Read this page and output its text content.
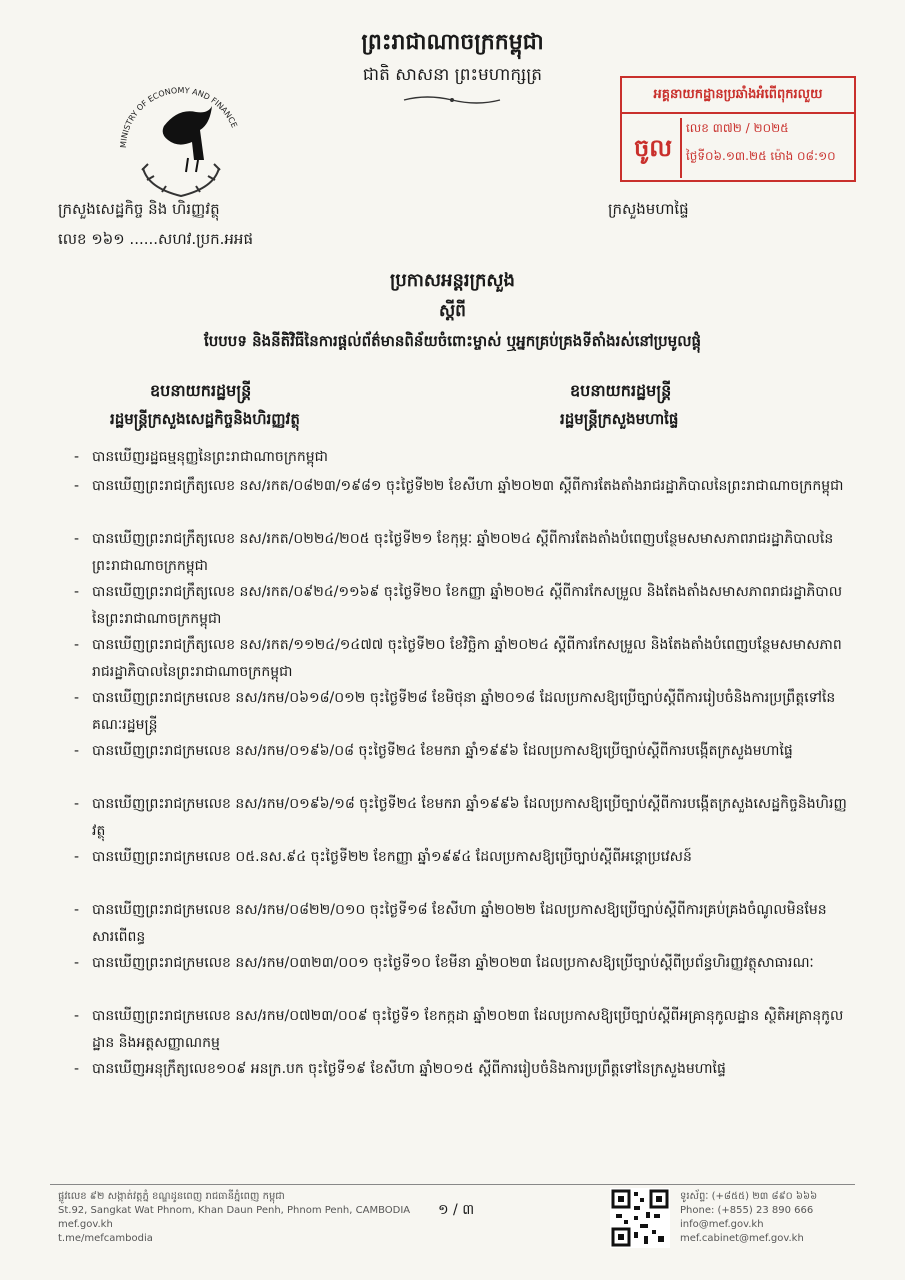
ព្រះរាជាណាចក្រកម្ពុជា
ជាតិ សាសនា ព្រះមហាក្សត្រ
MINISTRY OF ECONOMY AND FINANCE
ក្រសួងសេដ្ឋកិច្ច និង ហិរញ្ញវត្ថុ
លេខ ១៦១ ......សហវ.ប្រក.អអផ
ក្រសួងមហាផ្ទៃ
អគ្គនាយកដ្ឋានប្រឆាំងអំពើពុករលួយ
ចូល
លេខ ៣៧២ / ២០២៥
ថ្ងៃទី០៦.១៣.២៥ ម៉ោង ០៨:១០
ប្រកាសអន្តរក្រសួង
ស្តីពី
បែបបទ និងនីតិវិធីនៃការផ្តល់ព័ត៌មានពិន័យចំពោះម្ចាស់ ឬអ្នកគ្រប់គ្រងទីតាំងរស់នៅប្រមូលផ្តុំ
ឧបនាយករដ្ឋមន្ត្រី
រដ្ឋមន្ត្រីក្រសួងសេដ្ឋកិច្ចនិងហិរញ្ញវត្ថុ
ឧបនាយករដ្ឋមន្ត្រី
រដ្ឋមន្ត្រីក្រសួងមហាផ្ទៃ
- បានឃើញរដ្ឋធម្មនុញ្ញនៃព្រះរាជាណាចក្រកម្ពុជា
- បានឃើញព្រះរាជក្រឹត្យលេខ នស/រកត/០៨២៣/១៩៨១ ចុះថ្ងៃទី២២ ខែសីហា ឆ្នាំ២០២៣ ស្តីពីការតែងតាំងរាជរដ្ឋាភិបាលនៃព្រះរាជាណាចក្រកម្ពុជា
- បានឃើញព្រះរាជក្រឹត្យលេខ នស/រកត/០២២៤/២០៥ ចុះថ្ងៃទី២១ ខែកុម្ភៈ ឆ្នាំ២០២៤ ស្តីពីការតែងតាំងបំពេញបន្ថែមសមាសភាពរាជរដ្ឋាភិបាលនៃព្រះរាជាណាចក្រកម្ពុជា
- បានឃើញព្រះរាជក្រឹត្យលេខ នស/រកត/០៩២៤/១១៦៩ ចុះថ្ងៃទី២០ ខែកញ្ញា ឆ្នាំ២០២៤ ស្តីពីការកែសម្រួល និងតែងតាំងសមាសភាពរាជរដ្ឋាភិបាលនៃព្រះរាជាណាចក្រកម្ពុជា
- បានឃើញព្រះរាជក្រឹត្យលេខ នស/រកត/១១២៤/១៤៧៧ ចុះថ្ងៃទី២០ ខែវិច្ឆិកា ឆ្នាំ២០២៤ ស្តីពីការកែសម្រួល និងតែងតាំងបំពេញបន្ថែមសមាសភាពរាជរដ្ឋាភិបាលនៃព្រះរាជាណាចក្រកម្ពុជា
- បានឃើញព្រះរាជក្រមលេខ នស/រកម/០៦១៨/០១២ ចុះថ្ងៃទី២៨ ខែមិថុនា ឆ្នាំ២០១៨ ដែលប្រកាសឱ្យប្រើច្បាប់ស្តីពីការរៀបចំនិងការប្រព្រឹត្តទៅនៃគណៈរដ្ឋមន្ត្រី
- បានឃើញព្រះរាជក្រមលេខ នស/រកម/០១៩៦/០៨ ចុះថ្ងៃទី២៤ ខែមករា ឆ្នាំ១៩៩៦ ដែលប្រកាសឱ្យប្រើច្បាប់ស្តីពីការបង្កើតក្រសួងមហាផ្ទៃ
- បានឃើញព្រះរាជក្រមលេខ នស/រកម/០១៩៦/១៨ ចុះថ្ងៃទី២៤ ខែមករា ឆ្នាំ១៩៩៦ ដែលប្រកាសឱ្យប្រើច្បាប់ស្តីពីការបង្កើតក្រសួងសេដ្ឋកិច្ចនិងហិរញ្ញវត្ថុ
- បានឃើញព្រះរាជក្រមលេខ ០៥.នស.៩៤ ចុះថ្ងៃទី២២ ខែកញ្ញា ឆ្នាំ១៩៩៤ ដែលប្រកាសឱ្យប្រើច្បាប់ស្តីពីអន្តោប្រវេសន៍
- បានឃើញព្រះរាជក្រមលេខ នស/រកម/០៨២២/០១០ ចុះថ្ងៃទី១៨ ខែសីហា ឆ្នាំ២០២២ ដែលប្រកាសឱ្យប្រើច្បាប់ស្តីពីការគ្រប់គ្រងចំណូលមិនមែនសារពើពន្ធ
- បានឃើញព្រះរាជក្រមលេខ នស/រកម/០៣២៣/០០១ ចុះថ្ងៃទី១០ ខែមីនា ឆ្នាំ២០២៣ ដែលប្រកាសឱ្យប្រើច្បាប់ស្តីពីប្រព័ន្ធហិរញ្ញវត្ថុសាធារណៈ
- បានឃើញព្រះរាជក្រមលេខ នស/រកម/០៧២៣/០០៩ ចុះថ្ងៃទី១ ខែកក្កដា ឆ្នាំ២០២៣ ដែលប្រកាសឱ្យប្រើច្បាប់ស្តីពីអគ្រានុកូលដ្ឋាន ស្ថិតិអគ្រានុកូលដ្ឋាន និងអត្តសញ្ញាណកម្ម
- បានឃើញអនុក្រឹត្យលេខ១០៩ អនក្រ.បក ចុះថ្ងៃទី១៩ ខែសីហា ឆ្នាំ២០១៥ ស្តីពីការរៀបចំនិងការប្រព្រឹត្តទៅនៃក្រសួងមហាផ្ទៃ
ផ្លូវលេខ ៩២ សង្កាត់វត្តភ្នំ ខណ្ឌដូនពេញ រាជធានីភ្នំពេញ កម្ពុជា
St.92, Sangkat Wat Phnom, Khan Daun Penh, Phnom Penh, CAMBODIA
mef.gov.kh
t.me/mefcambodia
១ / ៣
ទូរស័ព្ទៈ (+៨៥៥) ២៣ ៨៩០ ៦៦៦
Phone: (+855) 23 890 666
info@mef.gov.kh
mef.cabinet@mef.gov.kh
